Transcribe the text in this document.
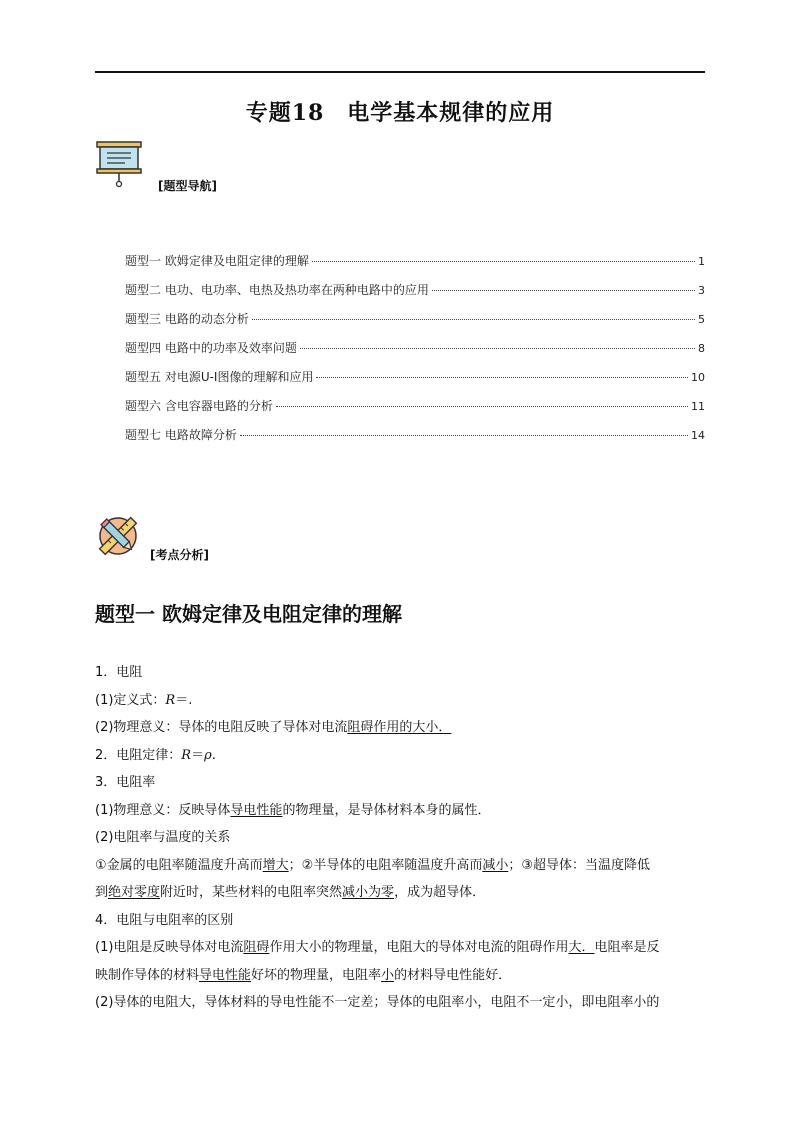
专题18　电学基本规律的应用
[题型导航]
题型一 欧姆定律及电阻定律的理解	1
题型二 电功、电功率、电热及热功率在两种电路中的应用	3
题型三 电路的动态分析	5
题型四 电路中的功率及效率问题	8
题型五 对电源U-I图像的理解和应用	10
题型六 含电容器电路的分析	11
题型七 电路故障分析	14
[考点分析]
题型一 欧姆定律及电阻定律的理解

1．电阻

(1)定义式：R＝.

(2)物理意义：导体的电阻反映了导体对电流阻碍作用的大小．

2．电阻定律：R＝ρ.

3．电阻率

(1)物理意义：反映导体导电性能的物理量，是导体材料本身的属性．

(2)电阻率与温度的关系

①金属的电阻率随温度升高而增大；②半导体的电阻率随温度升高而减小；③超导体：当温度降低

到绝对零度附近时，某些材料的电阻率突然减小为零，成为超导体．

4．电阻与电阻率的区别

(1)电阻是反映导体对电流阻碍作用大小的物理量，电阻大的导体对电流的阻碍作用大．电阻率是反

映制作导体的材料导电性能好坏的物理量，电阻率小的材料导电性能好．

(2)导体的电阻大，导体材料的导电性能不一定差；导体的电阻率小，电阻不一定小，即电阻率小的
